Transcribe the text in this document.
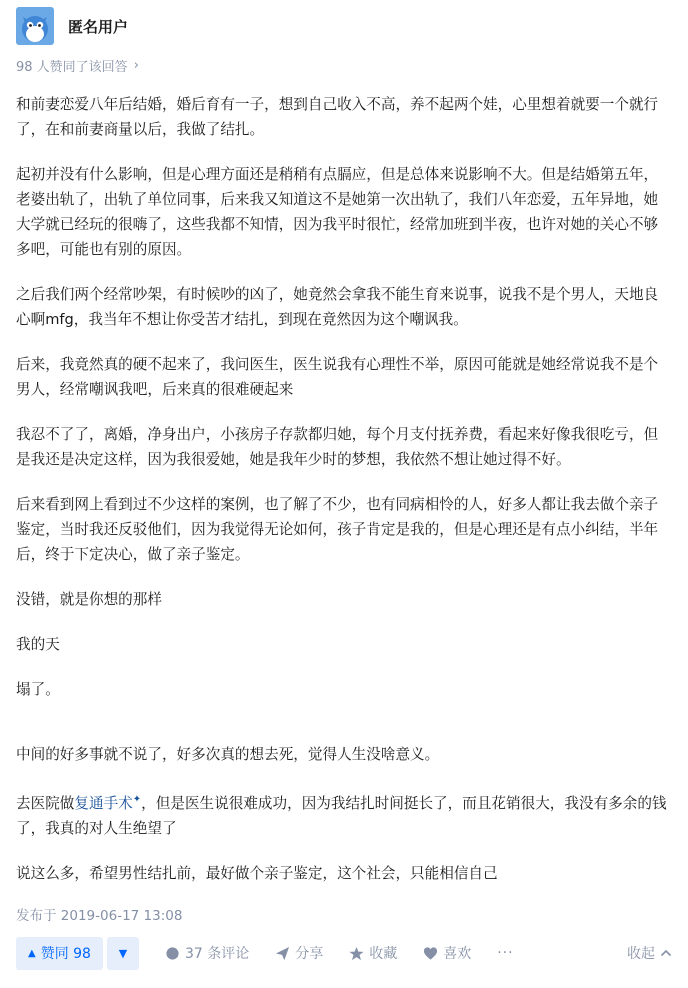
匿名用户
98 人赞同了该回答 ›

和前妻恋爱八年后结婚，婚后育有一子，想到自己收入不高，养不起两个娃，心里想着就要一个就行了，在和前妻商量以后，我做了结扎。

起初并没有什么影响，但是心理方面还是稍稍有点膈应，但是总体来说影响不大。但是结婚第五年，老婆出轨了，出轨了单位同事，后来我又知道这不是她第一次出轨了，我们八年恋爱，五年异地，她大学就已经玩的很嗨了，这些我都不知情，因为我平时很忙，经常加班到半夜，也许对她的关心不够多吧，可能也有别的原因。

之后我们两个经常吵架，有时候吵的凶了，她竟然会拿我不能生育来说事，说我不是个男人，天地良心啊mfg，我当年不想让你受苦才结扎，到现在竟然因为这个嘲讽我。

后来，我竟然真的硬不起来了，我问医生，医生说我有心理性不举，原因可能就是她经常说我不是个男人，经常嘲讽我吧，后来真的很难硬起来

我忍不了了，离婚，净身出户，小孩房子存款都归她，每个月支付抚养费，看起来好像我很吃亏，但是我还是决定这样，因为我很爱她，她是我年少时的梦想，我依然不想让她过得不好。

后来看到网上看到过不少这样的案例，也了解了不少，也有同病相怜的人，好多人都让我去做个亲子鉴定，当时我还反驳他们，因为我觉得无论如何，孩子肯定是我的，但是心理还是有点小纠结，半年后，终于下定决心，做了亲子鉴定。

没错，就是你想的那样

我的天

塌了。

中间的好多事就不说了，好多次真的想去死，觉得人生没啥意义。

去医院做复通手术✦，但是医生说很难成功，因为我结扎时间挺长了，而且花销很大，我没有多余的钱了，我真的对人生绝望了

说这么多，希望男性结扎前，最好做个亲子鉴定，这个社会，只能相信自己

发布于 2019-06-17 13:08
▲ 赞同 98	▼	37 条评论	分享	收藏	喜欢 ···	收起
